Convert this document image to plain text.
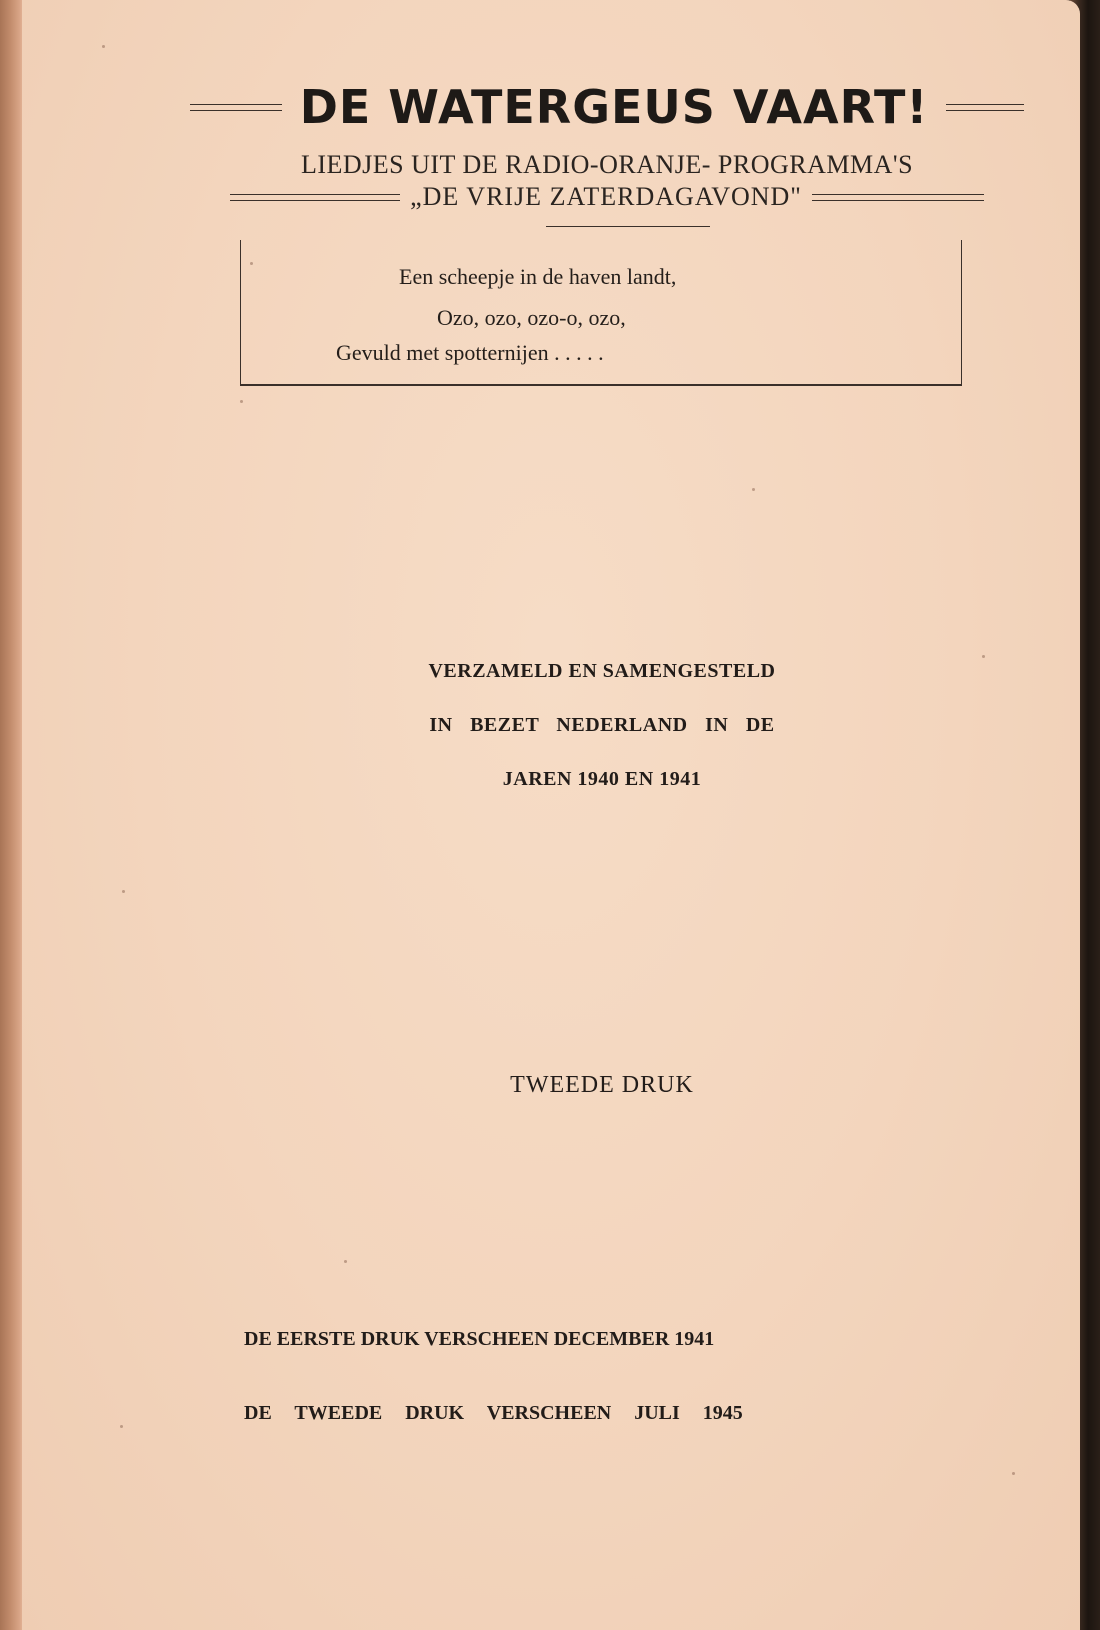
DE WATERGEUS VAART!
LIEDJES UIT DE RADIO-ORANJE- PROGRAMMA'S
„DE VRIJE ZATERDAGAVOND"
Een scheepje in de haven landt,
Ozo, ozo, ozo-o, ozo,
Gevuld met spotternijen . . . . .
VERZAMELD EN SAMENGESTELD
IN BEZET NEDERLAND IN DE
JAREN 1940 EN 1941
TWEEDE DRUK
DE EERSTE DRUK VERSCHEEN DECEMBER 1941
DE TWEEDE DRUK VERSCHEEN JULI 1945
